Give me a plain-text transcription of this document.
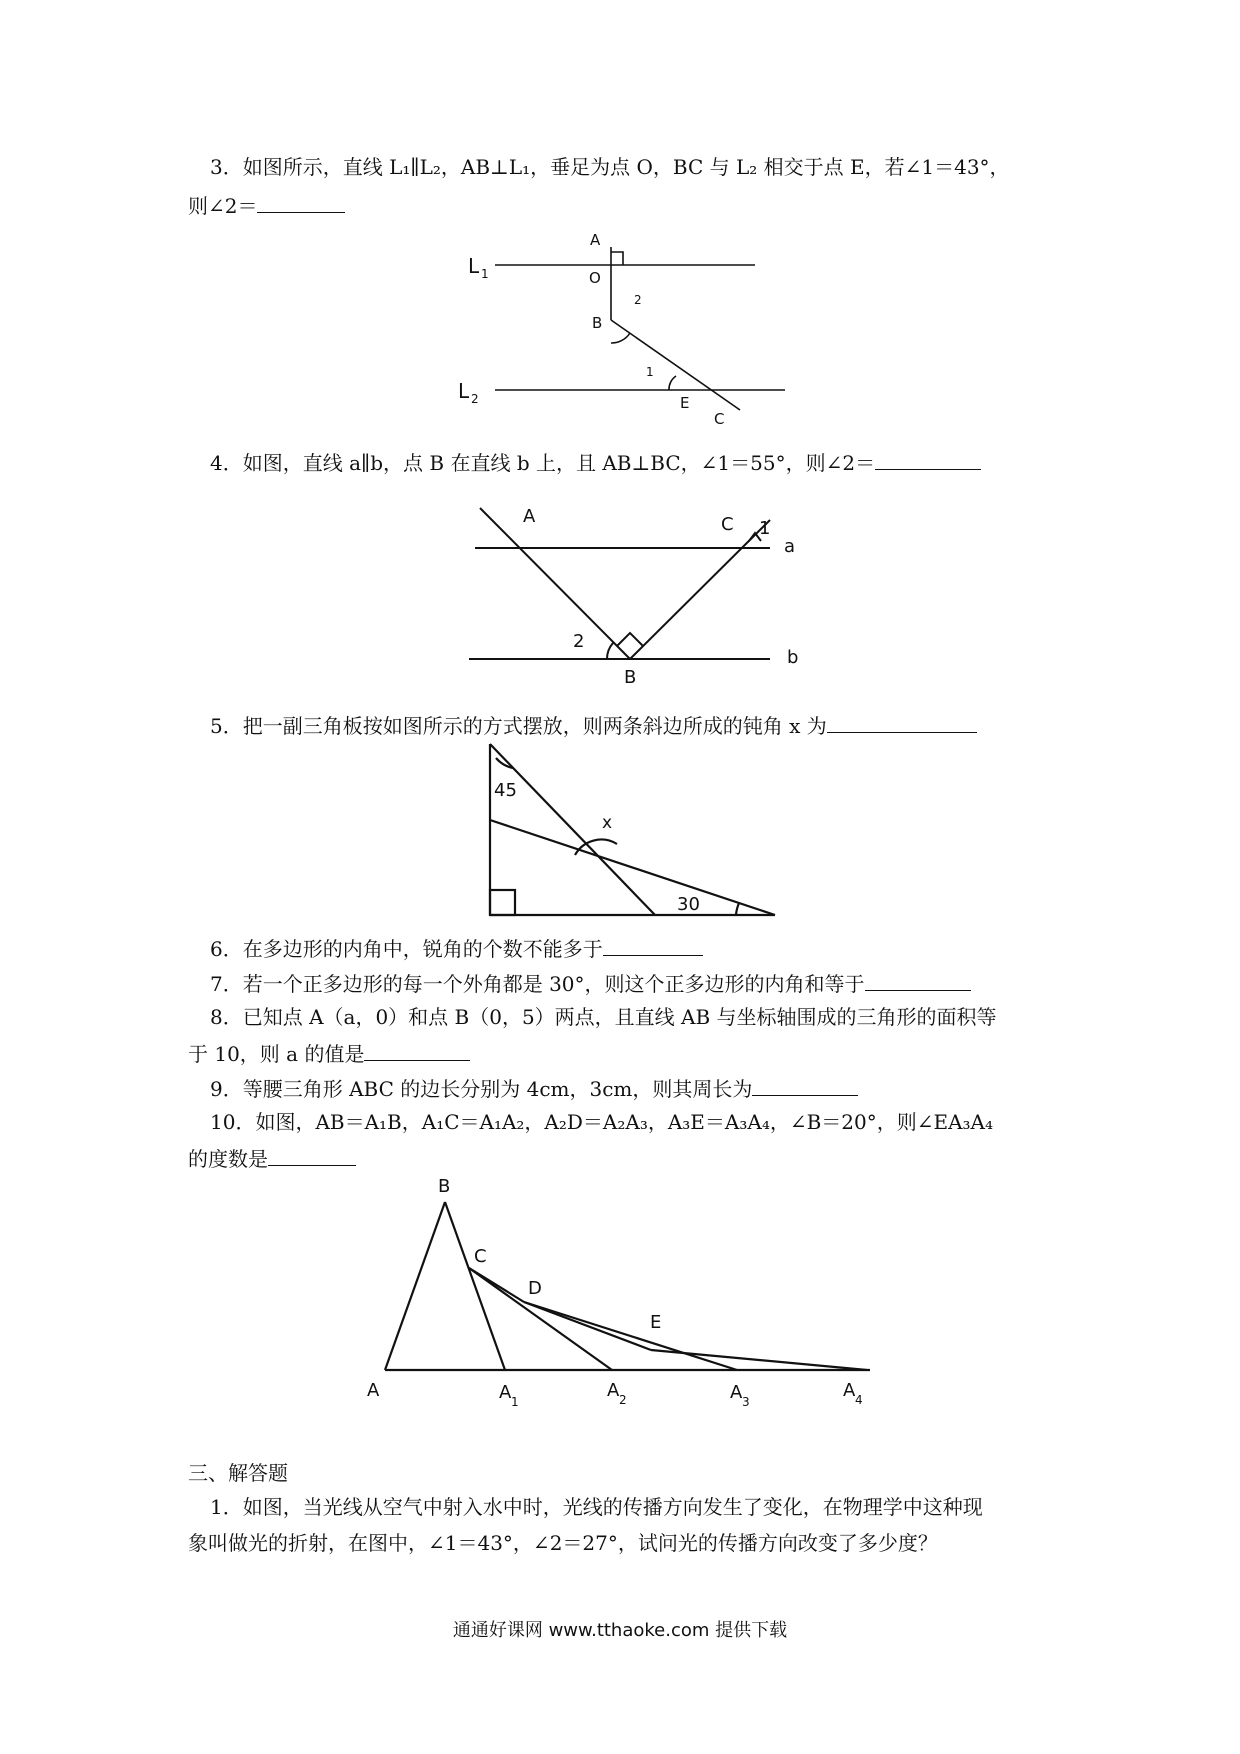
3．如图所示，直线 L₁∥L₂，AB⊥L₁，垂足为点 O，BC 与 L₂ 相交于点 E，若∠1＝43°，
则∠2＝
L 1
L 2
A
O
B
2
1
E
C
4．如图，直线 a∥b，点 B 在直线 b 上，且 AB⊥BC，∠1＝55°，则∠2＝
A	C 1
a
2
b
B
5．把一副三角板按如图所示的方式摆放，则两条斜边所成的钝角 x 为
45
x
30
6．在多边形的内角中，锐角的个数不能多于
7．若一个正多边形的每一个外角都是 30°，则这个正多边形的内角和等于
8．已知点 A（a，0）和点 B（0，5）两点，且直线 AB 与坐标轴围成的三角形的面积等
于 10，则 a 的值是
9．等腰三角形 ABC 的边长分别为 4cm，3cm，则其周长为
10．如图，AB＝A₁B，A₁C＝A₁A₂，A₂D＝A₂A₃，A₃E＝A₃A₄，∠B＝20°，则∠EA₃A₄
的度数是
B
C
D
E
A	A 1
A 2	A 3
A 4
三、解答题
1．如图，当光线从空气中射入水中时，光线的传播方向发生了变化，在物理学中这种现
象叫做光的折射，在图中，∠1＝43°，∠2＝27°，试问光的传播方向改变了多少度？
通通好课网 www.tthaoke.com 提供下载
